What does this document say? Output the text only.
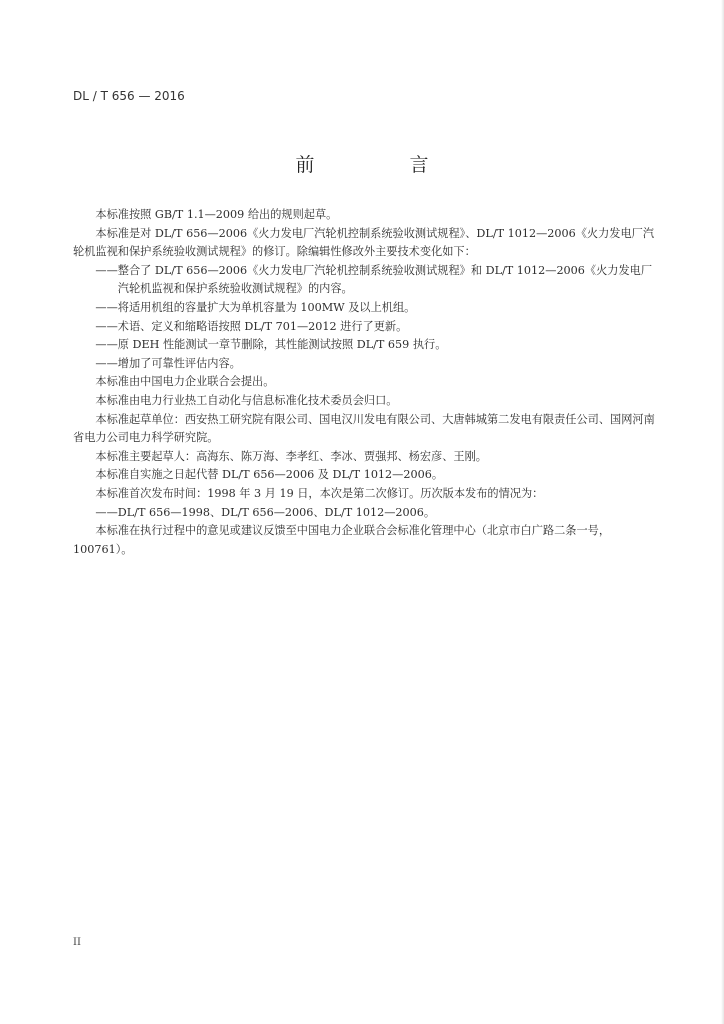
DL / T 656 — 2016
前　言

本标准按照 GB/T 1.1—2009 给出的规则起草。

本标准是对 DL/T 656—2006《火力发电厂汽轮机控制系统验收测试规程》、DL/T 1012—2006《火力发电厂汽轮机监视和保护系统验收测试规程》的修订。除编辑性修改外主要技术变化如下：

——整合了 DL/T 656—2006《火力发电厂汽轮机控制系统验收测试规程》和 DL/T 1012—2006《火力发电厂汽轮机监视和保护系统验收测试规程》的内容。

——将适用机组的容量扩大为单机容量为 100MW 及以上机组。

——术语、定义和缩略语按照 DL/T 701—2012 进行了更新。

——原 DEH 性能测试一章节删除，其性能测试按照 DL/T 659 执行。

——增加了可靠性评估内容。

本标准由中国电力企业联合会提出。

本标准由电力行业热工自动化与信息标准化技术委员会归口。

本标准起草单位：西安热工研究院有限公司、国电汉川发电有限公司、大唐韩城第二发电有限责任公司、国网河南省电力公司电力科学研究院。

本标准主要起草人：高海东、陈万海、李孝红、李冰、贾强邦、杨宏彦、王刚。

本标准自实施之日起代替 DL/T 656—2006 及 DL/T 1012—2006。

本标准首次发布时间：1998 年 3 月 19 日，本次是第二次修订。历次版本发布的情况为：

——DL/T 656—1998、DL/T 656—2006、DL/T 1012—2006。

本标准在执行过程中的意见或建议反馈至中国电力企业联合会标准化管理中心（北京市白广路二条一号，100761）。

II
